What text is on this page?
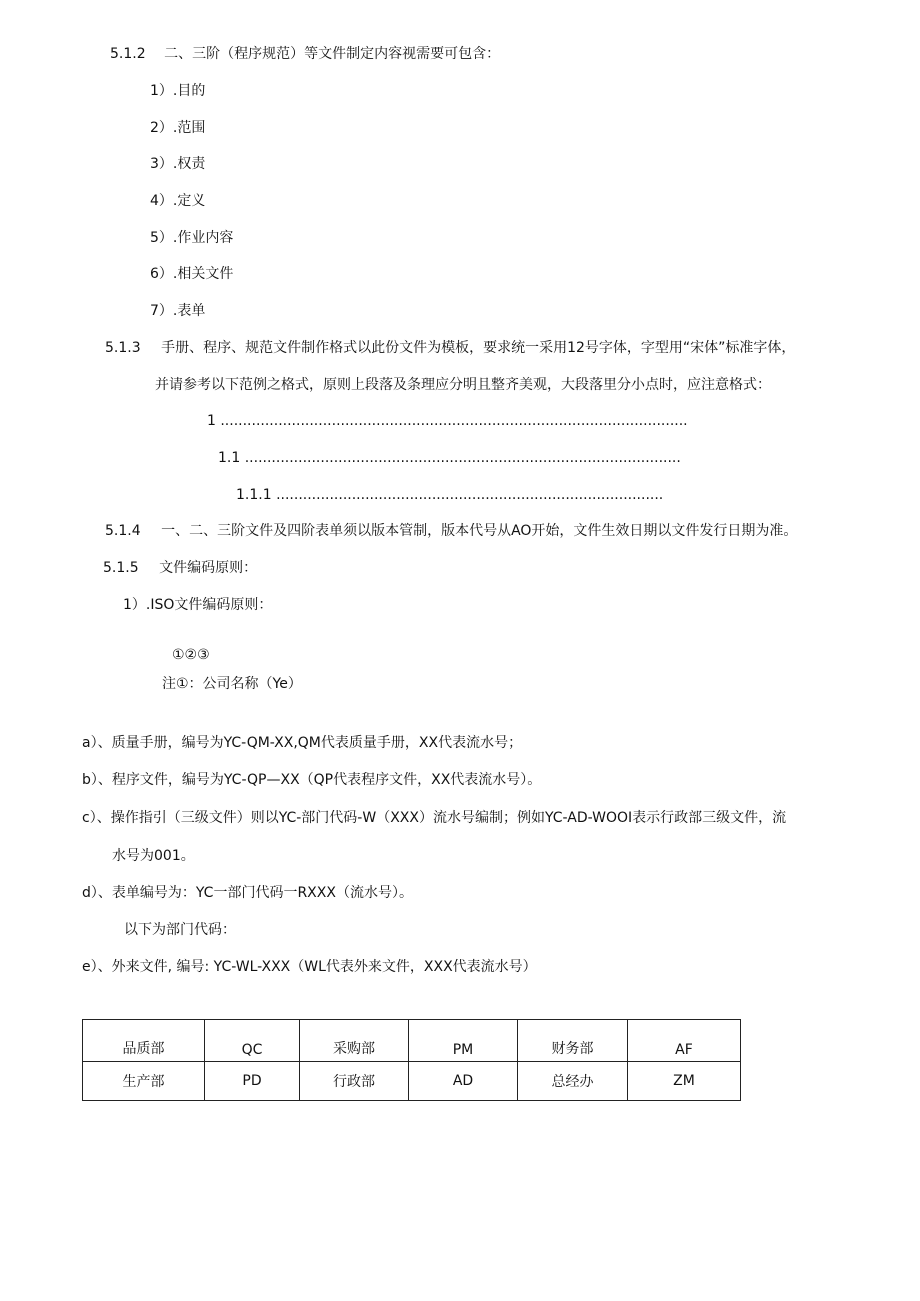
5.1.2 二、三阶（程序规范）等文件制定内容视需要可包含：
1）.目的
2）.范围
3）.权责
4）.定义
5）.作业内容
6）.相关文件
7）.表单
5.1.3 手册、程序、规范文件制作格式以此份文件为模板，要求统一采用12号字体，字型用“宋体”标准字体，
并请参考以下范例之格式，原则上段落及条理应分明且整齐美观，大段落里分小点时，应注意格式：
1 .........................................................................................................
1.1 ..................................................................................................
1.1.1 .......................................................................................
5.1.4 一、二、三阶文件及四阶表单须以版本管制，版本代号从AO开始，文件生效日期以文件发行日期为准。
5.1.5 文件编码原则：
1）.ISO文件编码原则：
①②③
注①：公司名称（Ye）
a）、质量手册，编号为YC-QM-XX,QM代表质量手册，XX代表流水号；
b）、程序文件，编号为YC-QP—XX（QP代表程序文件，XX代表流水号）。
c）、操作指引（三级文件）则以YC-部门代码-W（XXX）流水号编制；例如YC-AD-WOOI表示行政部三级文件，流
水号为001。
d）、表单编号为：YC一部门代码一RXXX（流水号）。
以下为部门代码：
e）、外来文件, 编号: YC-WL-XXX（WL代表外来文件，XXX代表流水号）
品质部	QC	采购部	PM	财务部	AF
生产部	PD	行政部	AD	总经办	ZM
